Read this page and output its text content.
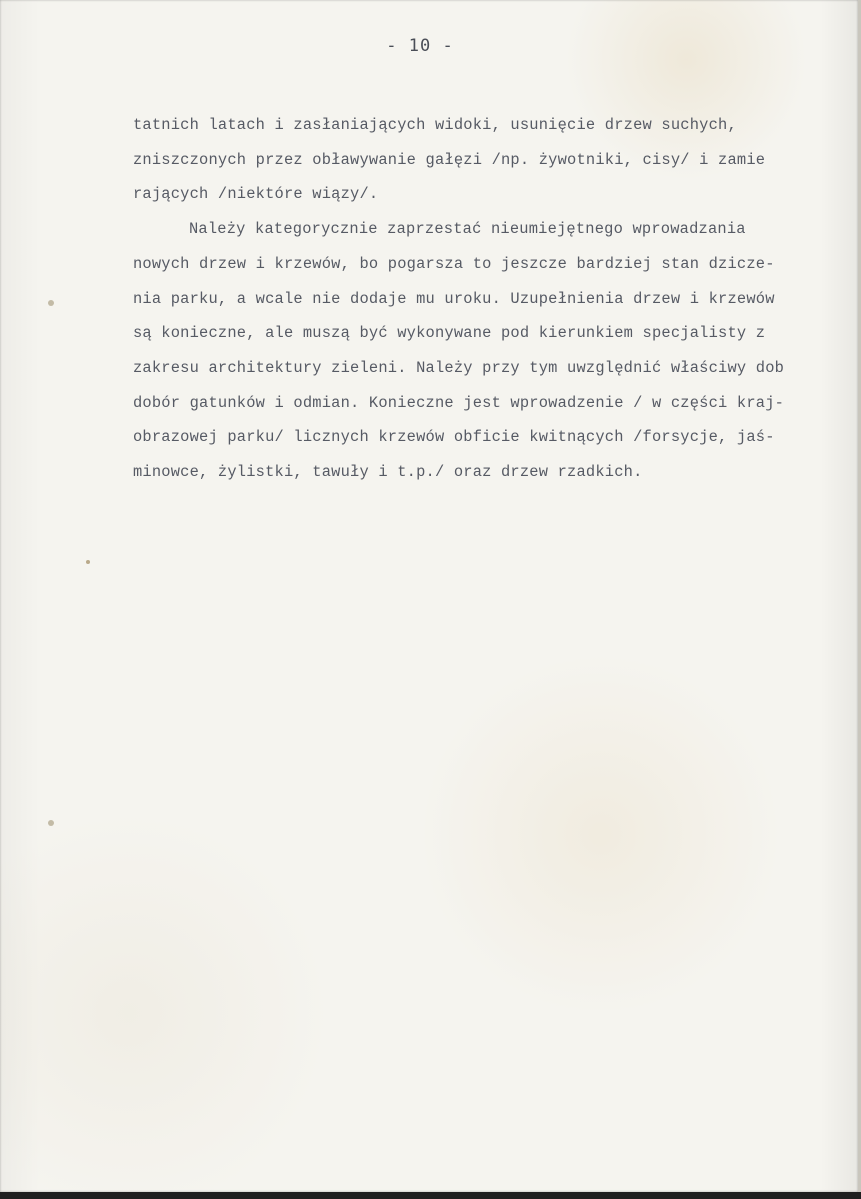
- 10 -
tatnich latach i zasłaniających widoki, usunięcie drzew suchych,
zniszczonych przez obławywanie gałęzi /np. żywotniki, cisy/ i zamie
rających /niektóre wiązy/.
Należy kategorycznie zaprzestać nieumiejętnego wprowadzania
nowych drzew i krzewów, bo pogarsza to jeszcze bardziej stan dzicze-
nia parku, a wcale nie dodaje mu uroku. Uzupełnienia drzew i krzewów
są konieczne, ale muszą być wykonywane pod kierunkiem specjalisty z
zakresu architektury zieleni. Należy przy tym uwzględnić właściwy dob
dobór gatunków i odmian. Konieczne jest wprowadzenie / w części kraj-
obrazowej parku/ licznych krzewów obficie kwitnących /forsycje, jaś-
minowce, żylistki, tawuły i t.p./ oraz drzew rzadkich.
